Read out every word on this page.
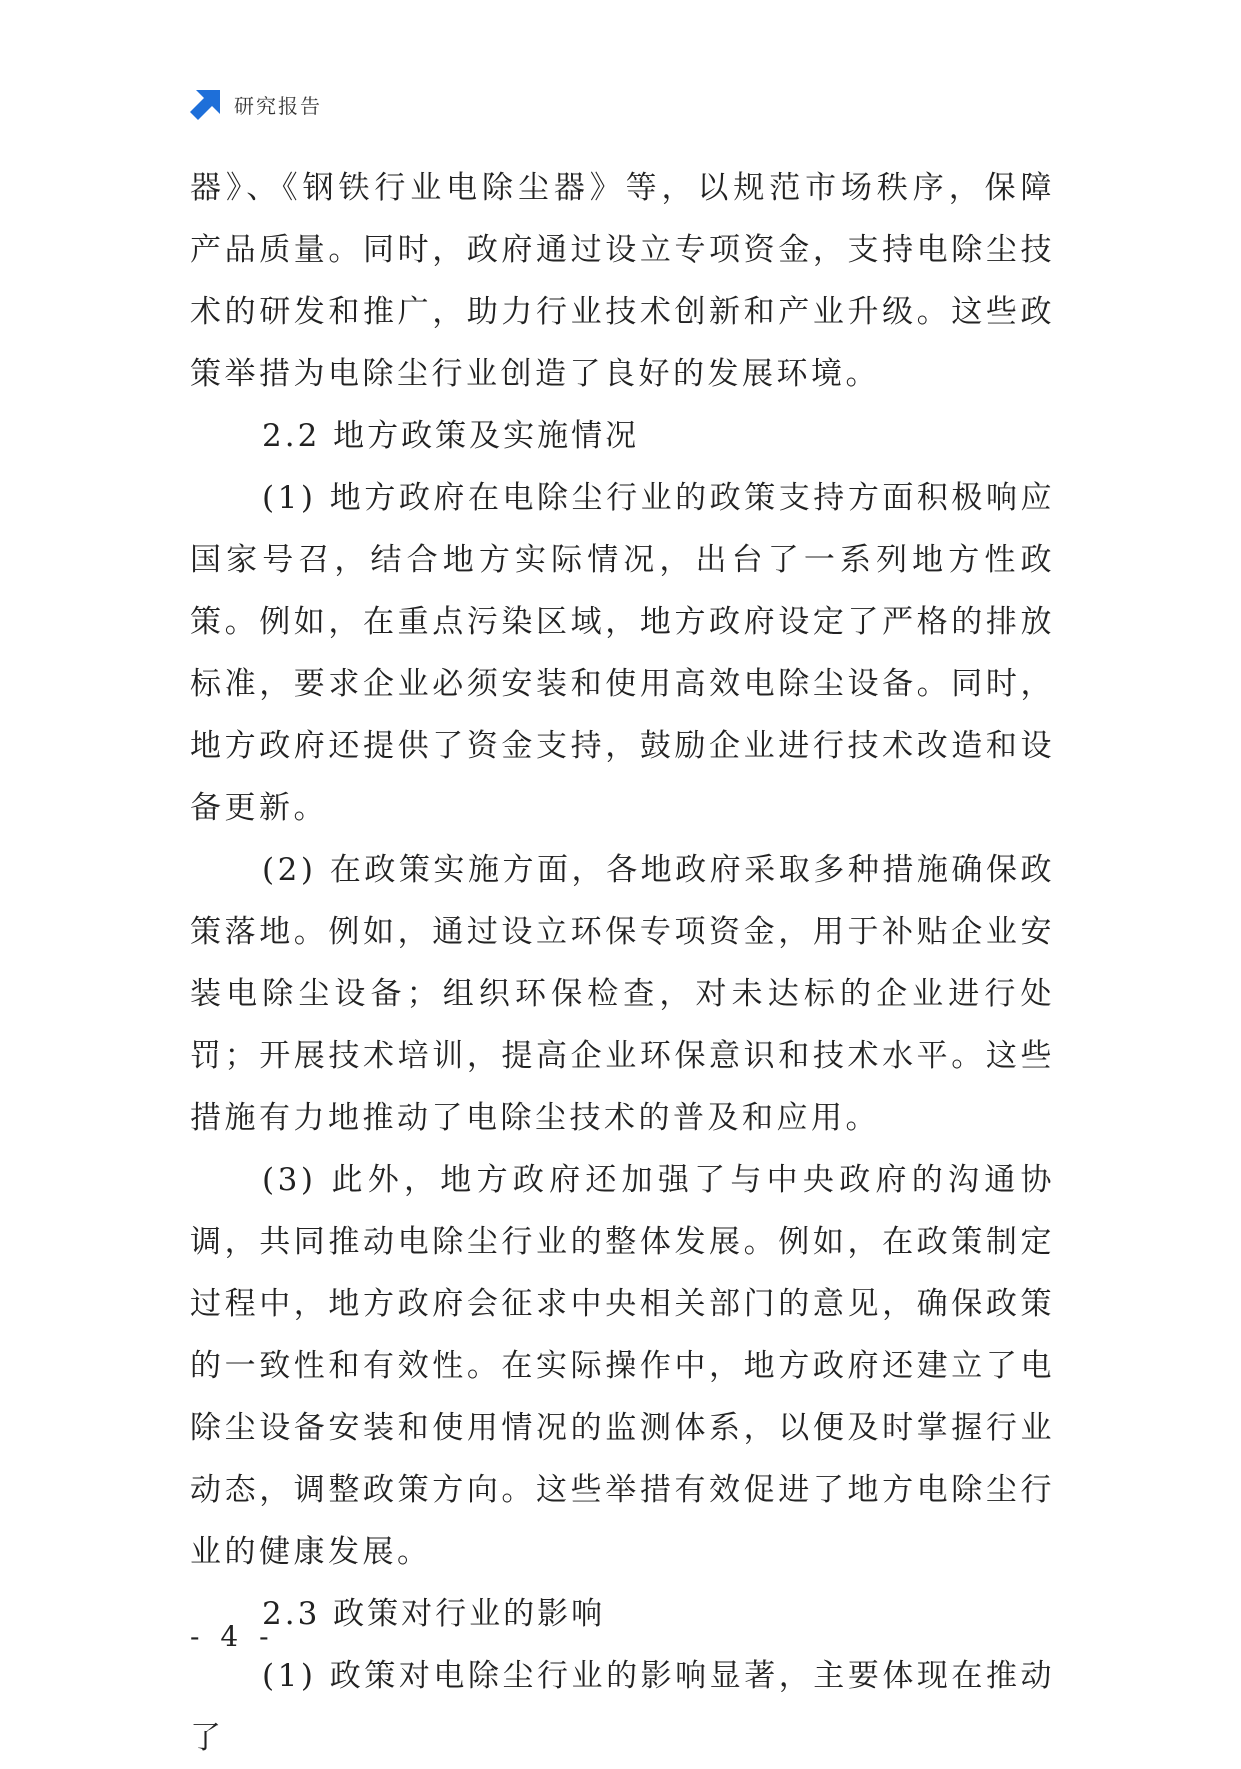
研究报告

器》、《钢铁行业电除尘器》等，以规范市场秩序，保障产品质量。同时，政府通过设立专项资金，支持电除尘技术的研发和推广，助力行业技术创新和产业升级。这些政策举措为电除尘行业创造了良好的发展环境。

2.2 地方政策及实施情况

(1) 地方政府在电除尘行业的政策支持方面积极响应国家号召，结合地方实际情况，出台了一系列地方性政策。例如，在重点污染区域，地方政府设定了严格的排放标准，要求企业必须安装和使用高效电除尘设备。同时，地方政府还提供了资金支持，鼓励企业进行技术改造和设备更新。

(2) 在政策实施方面，各地政府采取多种措施确保政策落地。例如，通过设立环保专项资金，用于补贴企业安装电除尘设备；组织环保检查，对未达标的企业进行处罚；开展技术培训，提高企业环保意识和技术水平。这些措施有力地推动了电除尘技术的普及和应用。

(3) 此外，地方政府还加强了与中央政府的沟通协调，共同推动电除尘行业的整体发展。例如，在政策制定过程中，地方政府会征求中央相关部门的意见，确保政策的一致性和有效性。在实际操作中，地方政府还建立了电除尘设备安装和使用情况的监测体系，以便及时掌握行业动态，调整政策方向。这些举措有效促进了地方电除尘行业的健康发展。

2.3 政策对行业的影响

(1) 政策对电除尘行业的影响显著，主要体现在推动了

- 4 -
